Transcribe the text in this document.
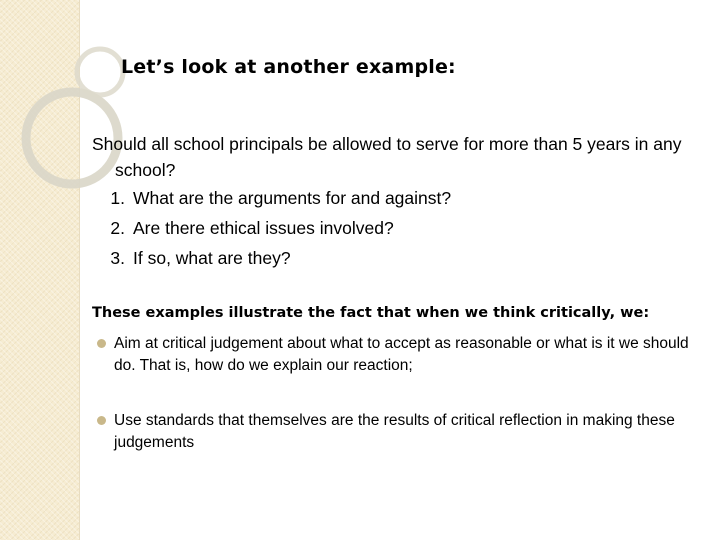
Let’s look at another example:

Should all school principals be allowed to serve for more than 5 years in any school?

1. What are the arguments for and against?
2. Are there ethical issues involved?
3. If so, what are they?
These examples illustrate the fact that when we think critically, we:
Aim at critical judgement about what to accept as reasonable or what is it we should do. That is, how do we explain our reaction;
Use standards that themselves are the results of critical reflection in making these judgements
